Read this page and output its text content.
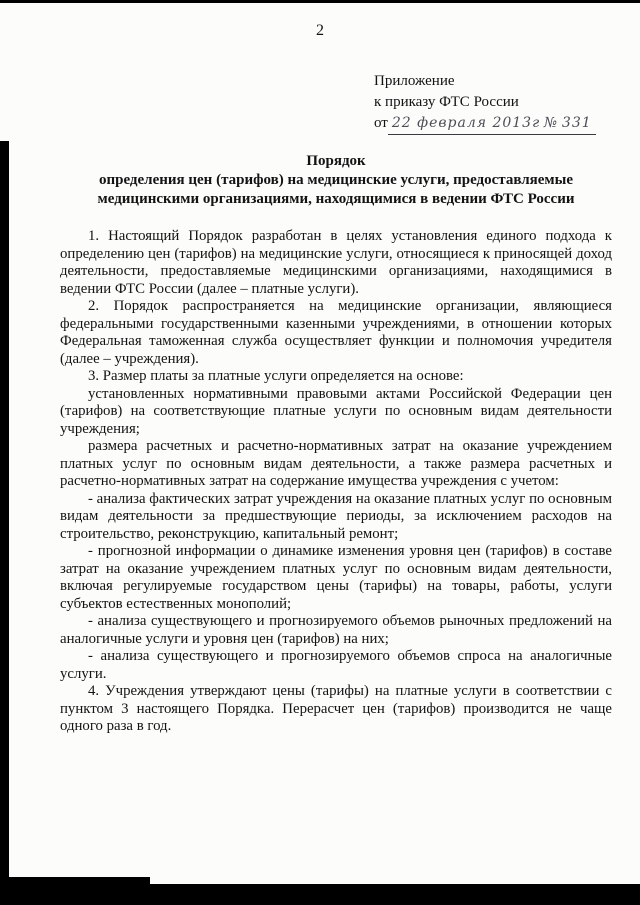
2
Приложение
к приказу ФТС России
от 22 февраля 2013г № 331
Порядок
определения цен (тарифов) на медицинские услуги, предоставляемые
медицинскими организациями, находящимися в ведении ФТС России

1. Настоящий Порядок разработан в целях установления единого подхода к определению цен (тарифов) на медицинские услуги, относящиеся к приносящей доход деятельности, предоставляемые медицинскими организациями, находящимися в ведении ФТС России (далее – платные услуги).

2. Порядок распространяется на медицинские организации, являющиеся федеральными государственными казенными учреждениями, в отношении которых Федеральная таможенная служба осуществляет функции и полномочия учредителя (далее – учреждения).

3. Размер платы за платные услуги определяется на основе:

установленных нормативными правовыми актами Российской Федерации цен (тарифов) на соответствующие платные услуги по основным видам деятельности учреждения;

размера расчетных и расчетно-нормативных затрат на оказание учреждением платных услуг по основным видам деятельности, а также размера расчетных и расчетно-нормативных затрат на содержание имущества учреждения с учетом:

- анализа фактических затрат учреждения на оказание платных услуг по основным видам деятельности за предшествующие периоды, за исключением расходов на строительство, реконструкцию, капитальный ремонт;

- прогнозной информации о динамике изменения уровня цен (тарифов) в составе затрат на оказание учреждением платных услуг по основным видам деятельности, включая регулируемые государством цены (тарифы) на товары, работы, услуги субъектов естественных монополий;

- анализа существующего и прогнозируемого объемов рыночных предложений на аналогичные услуги и уровня цен (тарифов) на них;

- анализа существующего и прогнозируемого объемов спроса на аналогичные услуги.

4. Учреждения утверждают цены (тарифы) на платные услуги в соответствии с пунктом 3 настоящего Порядка. Перерасчет цен (тарифов) производится не чаще одного раза в год.
